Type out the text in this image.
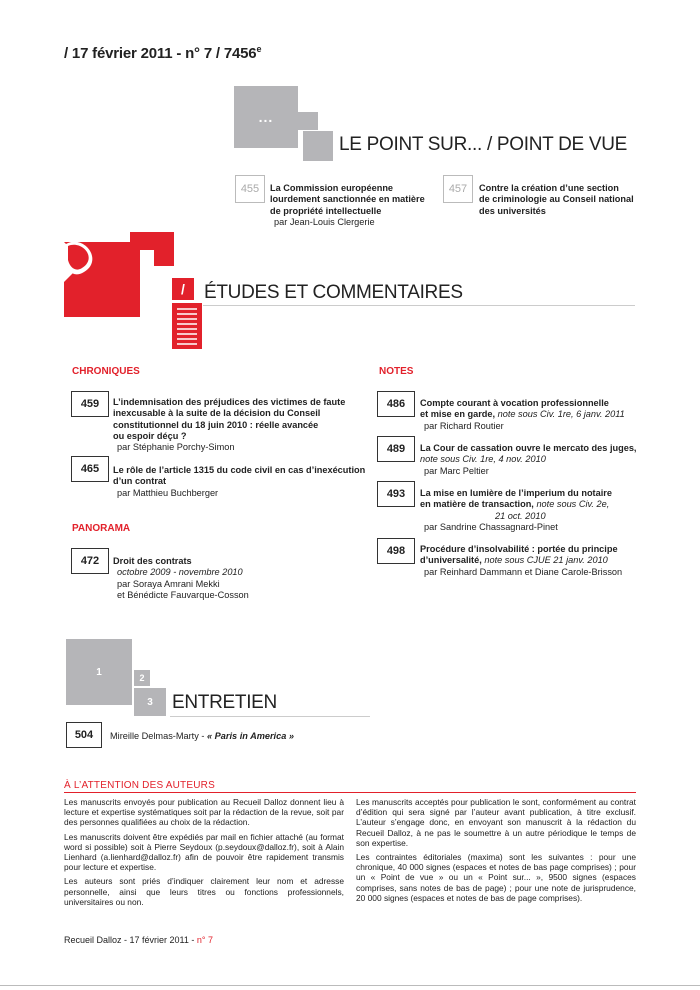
/ 17 février 2011 - n° 7 / 7456e
...
LE POINT SUR... / POINT DE VUE
455	La Commission européenne
lourdement sanctionnée en matière
de propriété intellectuelle
par Jean-Louis Clergerie
457	Contre la création d’une section
de criminologie au Conseil national
des universités
/ ÉTUDES ET COMMENTAIRES
CHRONIQUES
459	L’indemnisation des préjudices des victimes de faute
inexcusable à la suite de la décision du Conseil
constitutionnel du 18 juin 2010 : réelle avancée
ou espoir déçu ?
par Stéphanie Porchy-Simon
465	Le rôle de l’article 1315 du code civil en cas d’inexécution
d’un contrat
par Matthieu Buchberger
PANORAMA
472	Droit des contrats
octobre 2009 - novembre 2010
par Soraya Amrani Mekki
et Bénédicte Fauvarque-Cosson
NOTES
486	Compte courant à vocation professionnelle
et mise en garde, note sous Civ. 1re, 6 janv. 2011
par Richard Routier
489	La Cour de cassation ouvre le mercato des juges,
note sous Civ. 1re, 4 nov. 2010
par Marc Peltier
493	La mise en lumière de l’imperium du notaire
en matière de transaction, note sous Civ. 2e,
21 oct. 2010
par Sandrine Chassagnard-Pinet
498	Procédure d’insolvabilité : portée du principe
d’universalité, note sous CJUE 21 janv. 2010
par Reinhard Dammann et Diane Carole-Brisson
1
2
3 ENTRETIEN
504	Mireille Delmas-Marty - « Paris in America »
À L’ATTENTION DES AUTEURS

Les manuscrits envoyés pour publication au Recueil Dalloz donnent lieu à lecture et expertise systématiques soit par la rédaction de la revue, soit par des personnes qualifiées au choix de la rédaction.

Les manuscrits doivent être expédiés par mail en fichier attaché (au format word si possible) soit à Pierre Seydoux (p.seydoux@dalloz.fr), soit à Alain Lienhard (a.lienhard@dalloz.fr) afin de pouvoir être rapidement transmis pour lecture et expertise.

Les auteurs sont priés d’indiquer clairement leur nom et adresse personnelle, ainsi que leurs titres ou fonctions professionnels, universitaires ou non.

Les manuscrits acceptés pour publication le sont, conformément au contrat d’édition qui sera signé par l’auteur avant publication, à titre exclusif. L’auteur s’engage donc, en envoyant son manuscrit à la rédaction du Recueil Dalloz, à ne pas le soumettre à un autre périodique le temps de son expertise.

Les contraintes éditoriales (maxima) sont les suivantes : pour une chronique, 40 000 signes (espaces et notes de bas page comprises) ; pour un « Point de vue » ou un « Point sur... », 9500 signes (espaces comprises, sans notes de bas de page) ; pour une note de jurisprudence, 20 000 signes (espaces et notes de bas de page comprises).

Recueil Dalloz - 17 février 2011 - n° 7
